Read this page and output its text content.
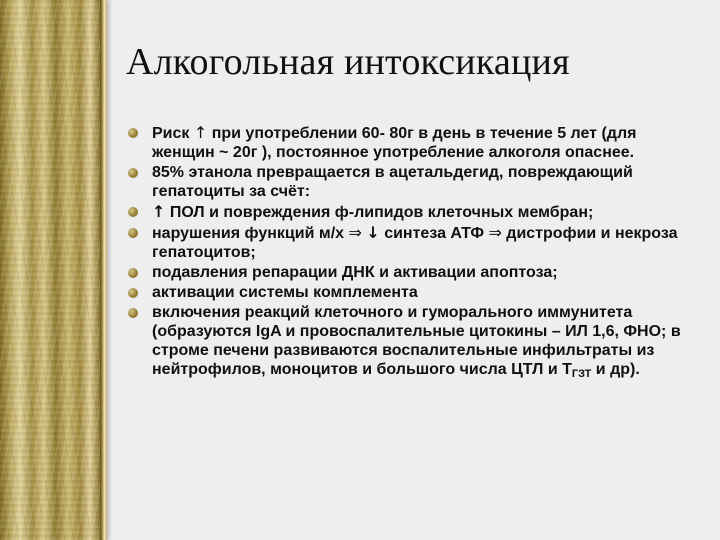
Алкогольная интоксикация
Риск ↑ при употреблении 60- 80г в день в течение 5 лет (для женщин ~ 20г ), постоянное употребление алкоголя опаснее.
85% этанола превращается в ацетальдегид, повреждающий гепатоциты за счёт:
↑ ПОЛ и повреждения ф-липидов клеточных мембран;
нарушения функций м/х ⇒ ↓ синтеза АТФ ⇒ дистрофии и некроза гепатоцитов;
подавления репарации ДНК и активации апоптоза;
активации системы комплемента
включения реакций клеточного и гуморального иммунитета (образуются IgA и провоспалительные цитокины – ИЛ 1,6, ФНО; в строме печени развиваются воспалительные инфильтраты из нейтрофилов, моноцитов и большого числа ЦТЛ и $Т_{ГЗТ}$ и др).
